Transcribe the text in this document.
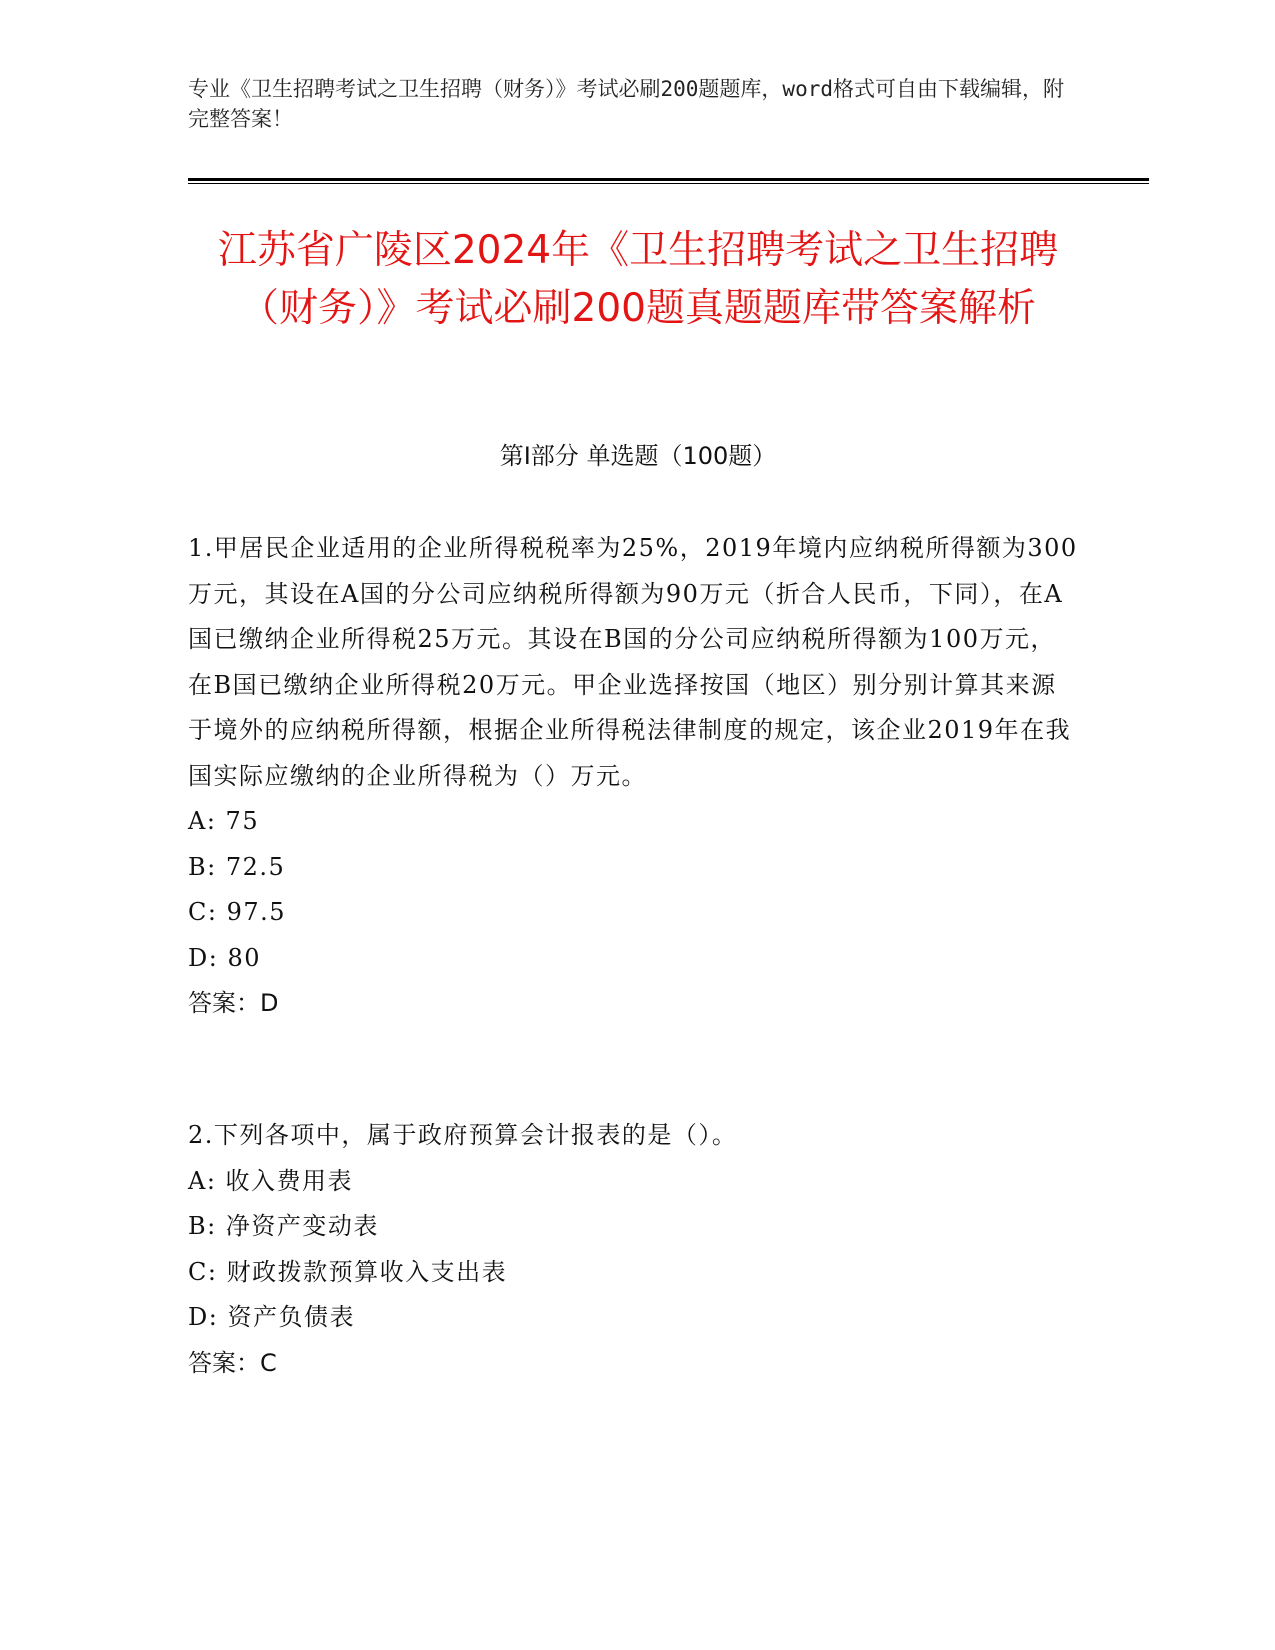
专业《卫生招聘考试之卫生招聘（财务）》考试必刷200题题库，word格式可自由下载编辑，附完整答案！
江苏省广陵区2024年《卫生招聘考试之卫生招聘（财务）》考试必刷200题真题题库带答案解析
第I部分 单选题（100题）
1.甲居民企业适用的企业所得税税率为25%，2019年境内应纳税所得额为300万元，其设在A国的分公司应纳税所得额为90万元（折合人民币，下同），在A国已缴纳企业所得税25万元。其设在B国的分公司应纳税所得额为100万元，在B国已缴纳企业所得税20万元。甲企业选择按国（地区）别分别计算其来源于境外的应纳税所得额，根据企业所得税法律制度的规定，该企业2019年在我国实际应缴纳的企业所得税为（）万元。
A: 75
B: 72.5
C: 97.5
D: 80
答案：D
2.下列各项中，属于政府预算会计报表的是（）。
A: 收入费用表
B: 净资产变动表
C: 财政拨款预算收入支出表
D: 资产负债表
答案：C
